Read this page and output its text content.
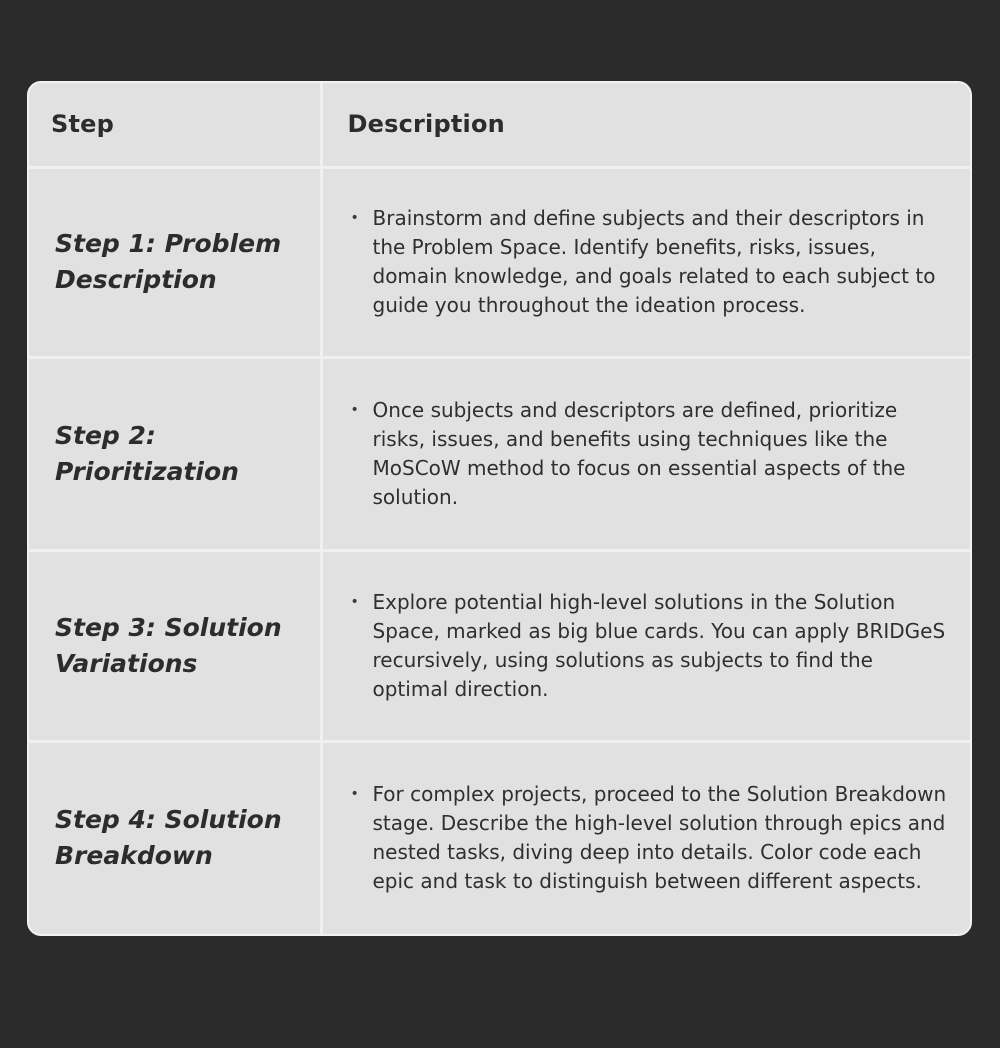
Step	Description
Step 1: Problem Description	
• Brainstorm and define subjects and their descriptors in the Problem Space. Identify benefits, risks, issues, domain knowledge, and goals related to each subject to guide you throughout the ideation process.

Step 2: Prioritization	
• Once subjects and descriptors are defined, prioritize risks, issues, and benefits using techniques like the MoSCoW method to focus on essential aspects of the solution.

Step 3: Solution Variations	
• Explore potential high-level solutions in the Solution Space, marked as big blue cards. You can apply BRIDGeS recursively, using solutions as subjects to find the optimal direction.

Step 4: Solution Breakdown	
• For complex projects, proceed to the Solution Breakdown stage. Describe the high-level solution through epics and nested tasks, diving deep into details. Color code each epic and task to distinguish between different aspects.
